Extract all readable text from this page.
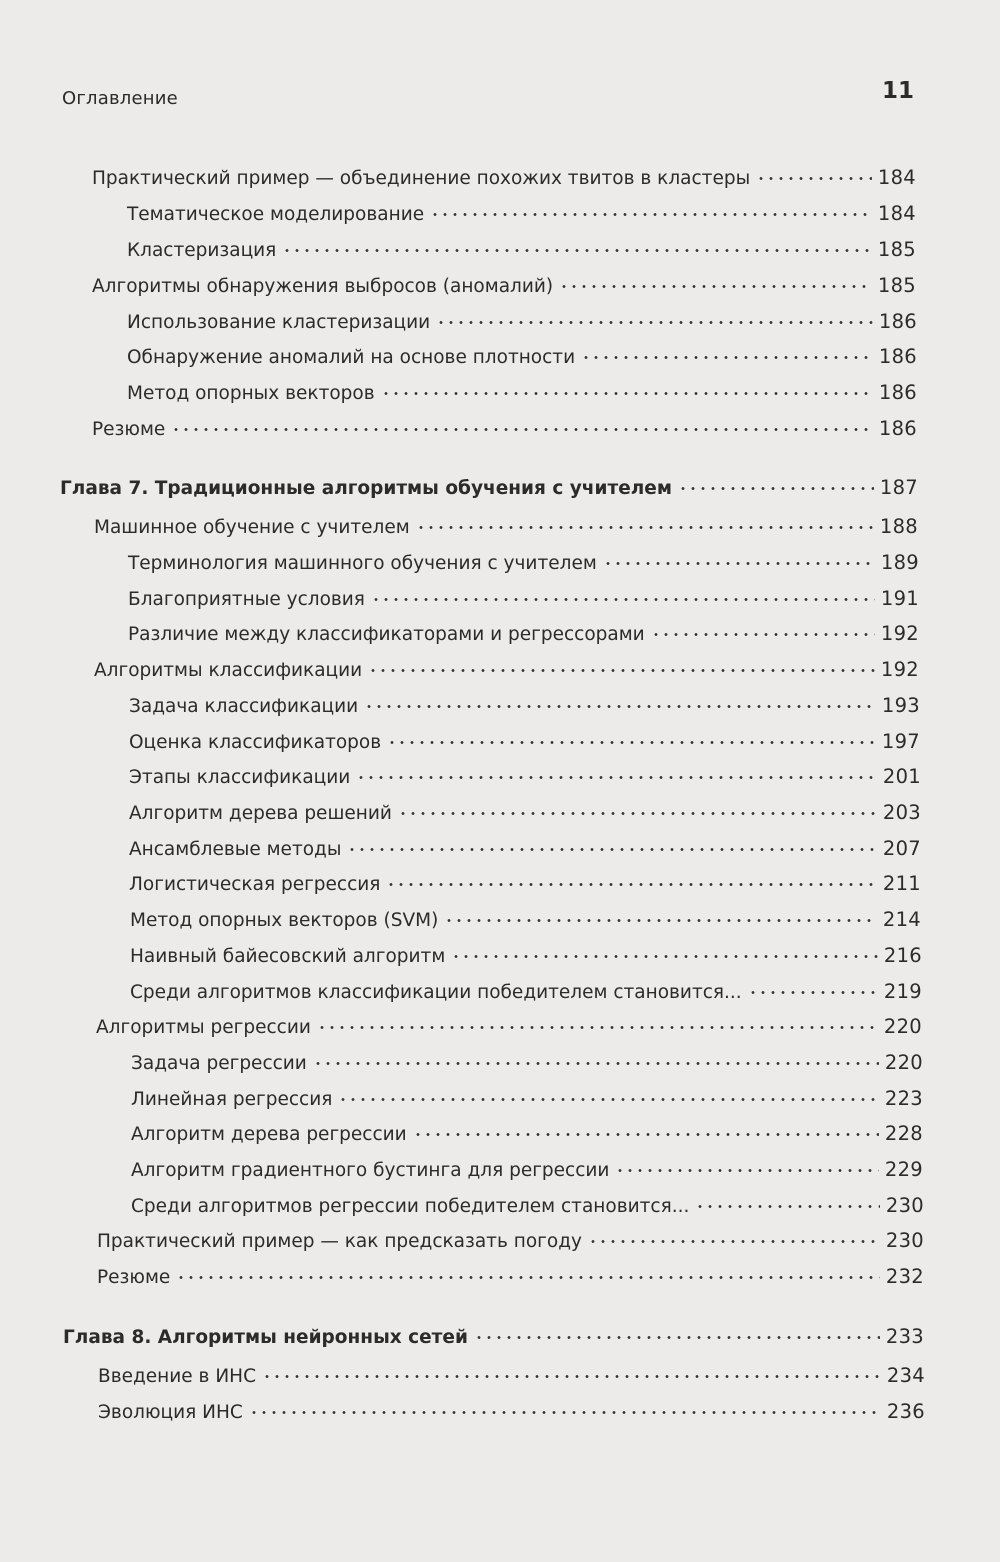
Оглавление	11
Практический пример — объединение похожих твитов в кластеры	184
Тематическое моделирование	184
Кластеризация	185
Алгоритмы обнаружения выбросов (аномалий)	185
Использование кластеризации	186
Обнаружение аномалий на основе плотности	186
Метод опорных векторов	186
Резюме	186
Глава 7. Традиционные алгоритмы обучения с учителем	187
Машинное обучение с учителем	188
Терминология машинного обучения с учителем	189
Благоприятные условия	191
Различие между классификаторами и регрессорами	192
Алгоритмы классификации	192
Задача классификации	193
Оценка классификаторов	197
Этапы классификации	201
Алгоритм дерева решений	203
Ансамблевые методы	207
Логистическая регрессия	211
Метод опорных векторов (SVM)	214
Наивный байесовский алгоритм	216
Среди алгоритмов классификации победителем становится...	219
Алгоритмы регрессии	220
Задача регрессии	220
Линейная регрессия	223
Алгоритм дерева регрессии	228
Алгоритм градиентного бустинга для регрессии	229
Среди алгоритмов регрессии победителем становится...	230
Практический пример — как предсказать погоду	230
Резюме	232
Глава 8. Алгоритмы нейронных сетей	233
Введение в ИНС	234
Эволюция ИНС	236
